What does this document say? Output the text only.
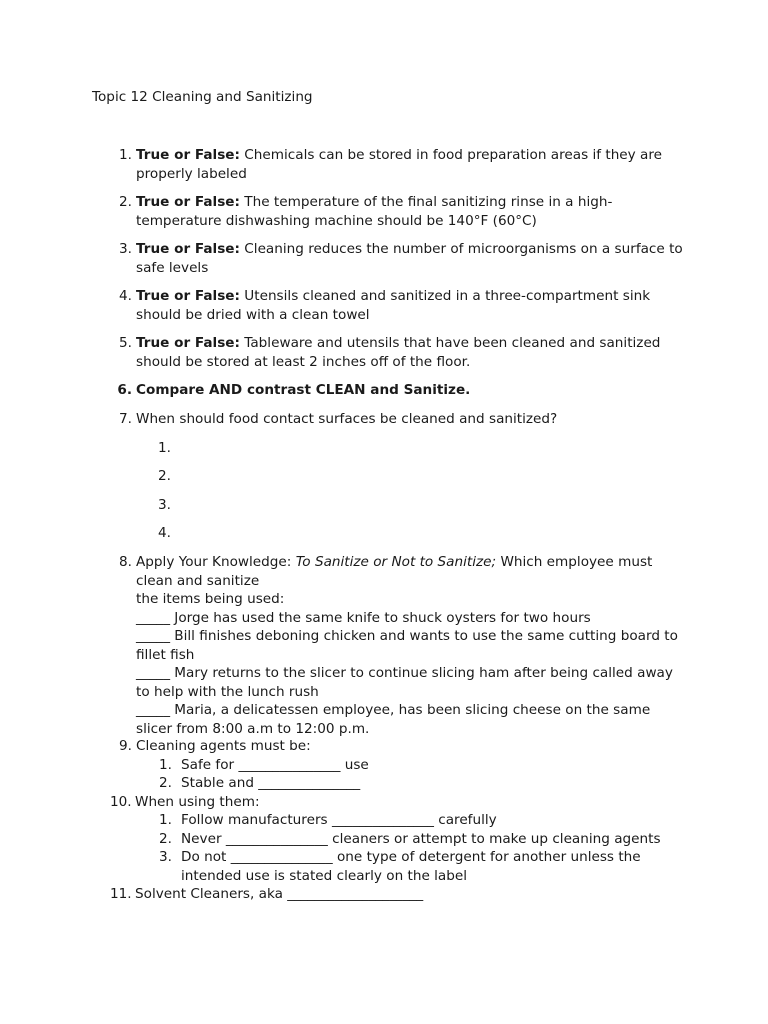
Topic 12 Cleaning and Sanitizing
1. True or False: Chemicals can be stored in food preparation areas if they are properly labeled
2. True or False: The temperature of the final sanitizing rinse in a high-temperature dishwashing machine should be 140°F (60°C)
3. True or False: Cleaning reduces the number of microorganisms on a surface to safe levels
4. True or False: Utensils cleaned and sanitized in a three-compartment sink should be dried with a clean towel
5. True or False: Tableware and utensils that have been cleaned and sanitized should be stored at least 2 inches off of the floor.
6. Compare AND contrast CLEAN and Sanitize.
7. When should food contact surfaces be cleaned and sanitized?
1.
2.
3.
4.
8. Apply Your Knowledge: To Sanitize or Not to Sanitize; Which employee must clean and sanitize
the items being used:
_____ Jorge has used the same knife to shuck oysters for two hours
_____ Bill finishes deboning chicken and wants to use the same cutting board to fillet fish
_____ Mary returns to the slicer to continue slicing ham after being called away to help with the lunch rush
_____ Maria, a delicatessen employee, has been slicing cheese on the same slicer from 8:00 a.m to 12:00 p.m.
9. Cleaning agents must be:
1. Safe for _______________ use
2. Stable and _______________
10. When using them:
1. Follow manufacturers _______________ carefully
2. Never _______________ cleaners or attempt to make up cleaning agents
3. Do not _______________ one type of detergent for another unless the intended use is stated clearly on the label
11. Solvent Cleaners, aka ____________________
